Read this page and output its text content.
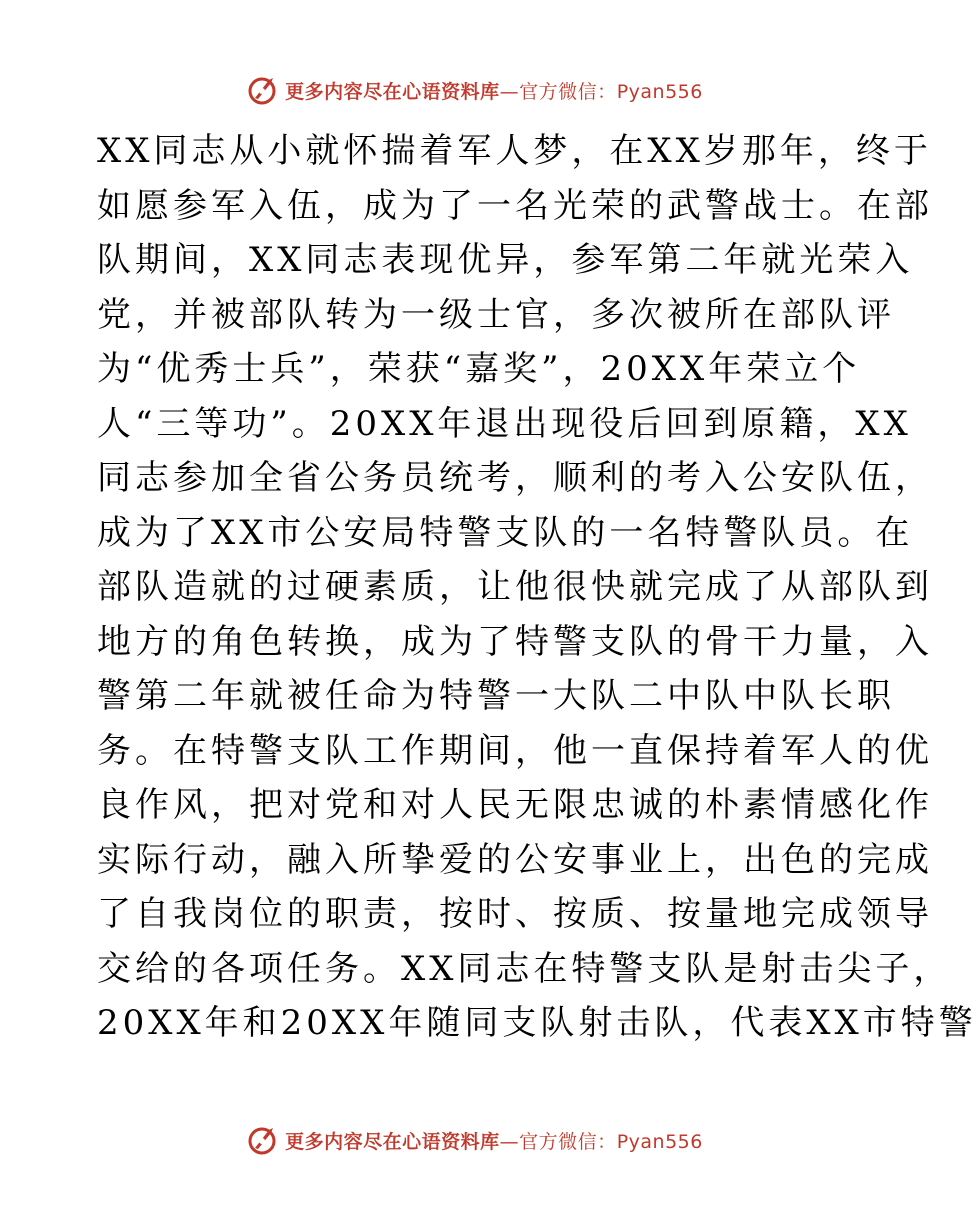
更多内容尽在心语资料库—官方微信：Pyan556
XX同志从小就怀揣着军人梦，在XX岁那年，终于
如愿参军入伍，成为了一名光荣的武警战士。在部
队期间，XX同志表现优异，参军第二年就光荣入
党，并被部队转为一级士官，多次被所在部队评
为“优秀士兵”，荣获“嘉奖”，20XX年荣立个
人“三等功”。20XX年退出现役后回到原籍，XX
同志参加全省公务员统考，顺利的考入公安队伍，
成为了XX市公安局特警支队的一名特警队员。在
部队造就的过硬素质，让他很快就完成了从部队到
地方的角色转换，成为了特警支队的骨干力量，入
警第二年就被任命为特警一大队二中队中队长职
务。在特警支队工作期间，他一直保持着军人的优
良作风，把对党和对人民无限忠诚的朴素情感化作
实际行动，融入所挚爱的公安事业上，出色的完成
了自我岗位的职责，按时、按质、按量地完成领导
交给的各项任务。XX同志在特警支队是射击尖子，
20XX年和20XX年随同支队射击队，代表XX市特警
更多内容尽在心语资料库—官方微信：Pyan556
